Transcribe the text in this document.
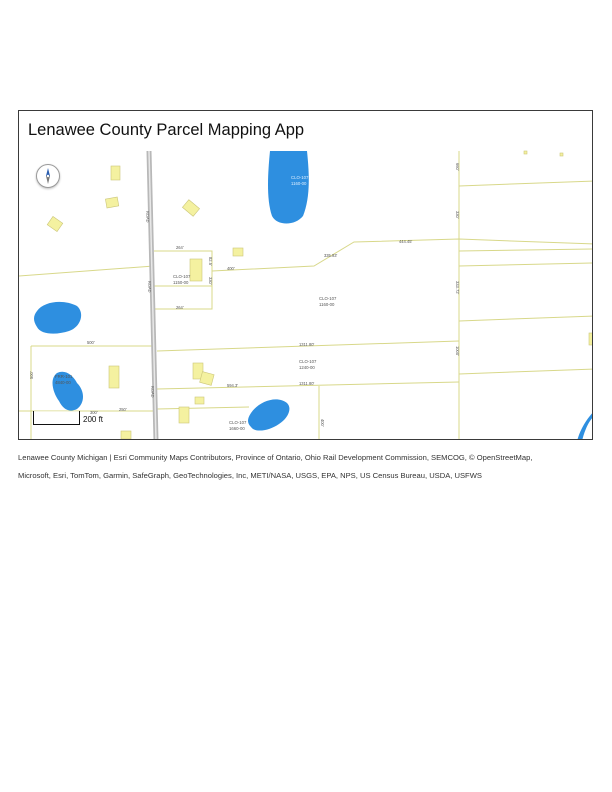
Lenawee County Parcel Mapping App
ROAD
ROAD
ROAD
CLO-107
1150-00
CLO-107
1160-00
CLO-107
1240-00
CLO-107
1660-00
FRR-101
4840-00
CLO-107
1160-00
264'
400'
335.93'
444.45'
264'
500'	1311.80'
1311.80'
594.3'
250'
300'
660'
82.5'
330'
330'
333.72'
1000'
500'
400'
200 ft
Lenawee County Michigan | Esri Community Maps Contributors, Province of Ontario, Ohio Rail Development Commission, SEMCOG, © OpenStreetMap,
Microsoft, Esri, TomTom, Garmin, SafeGraph, GeoTechnologies, Inc, METI/NASA, USGS, EPA, NPS, US Census Bureau, USDA, USFWS
